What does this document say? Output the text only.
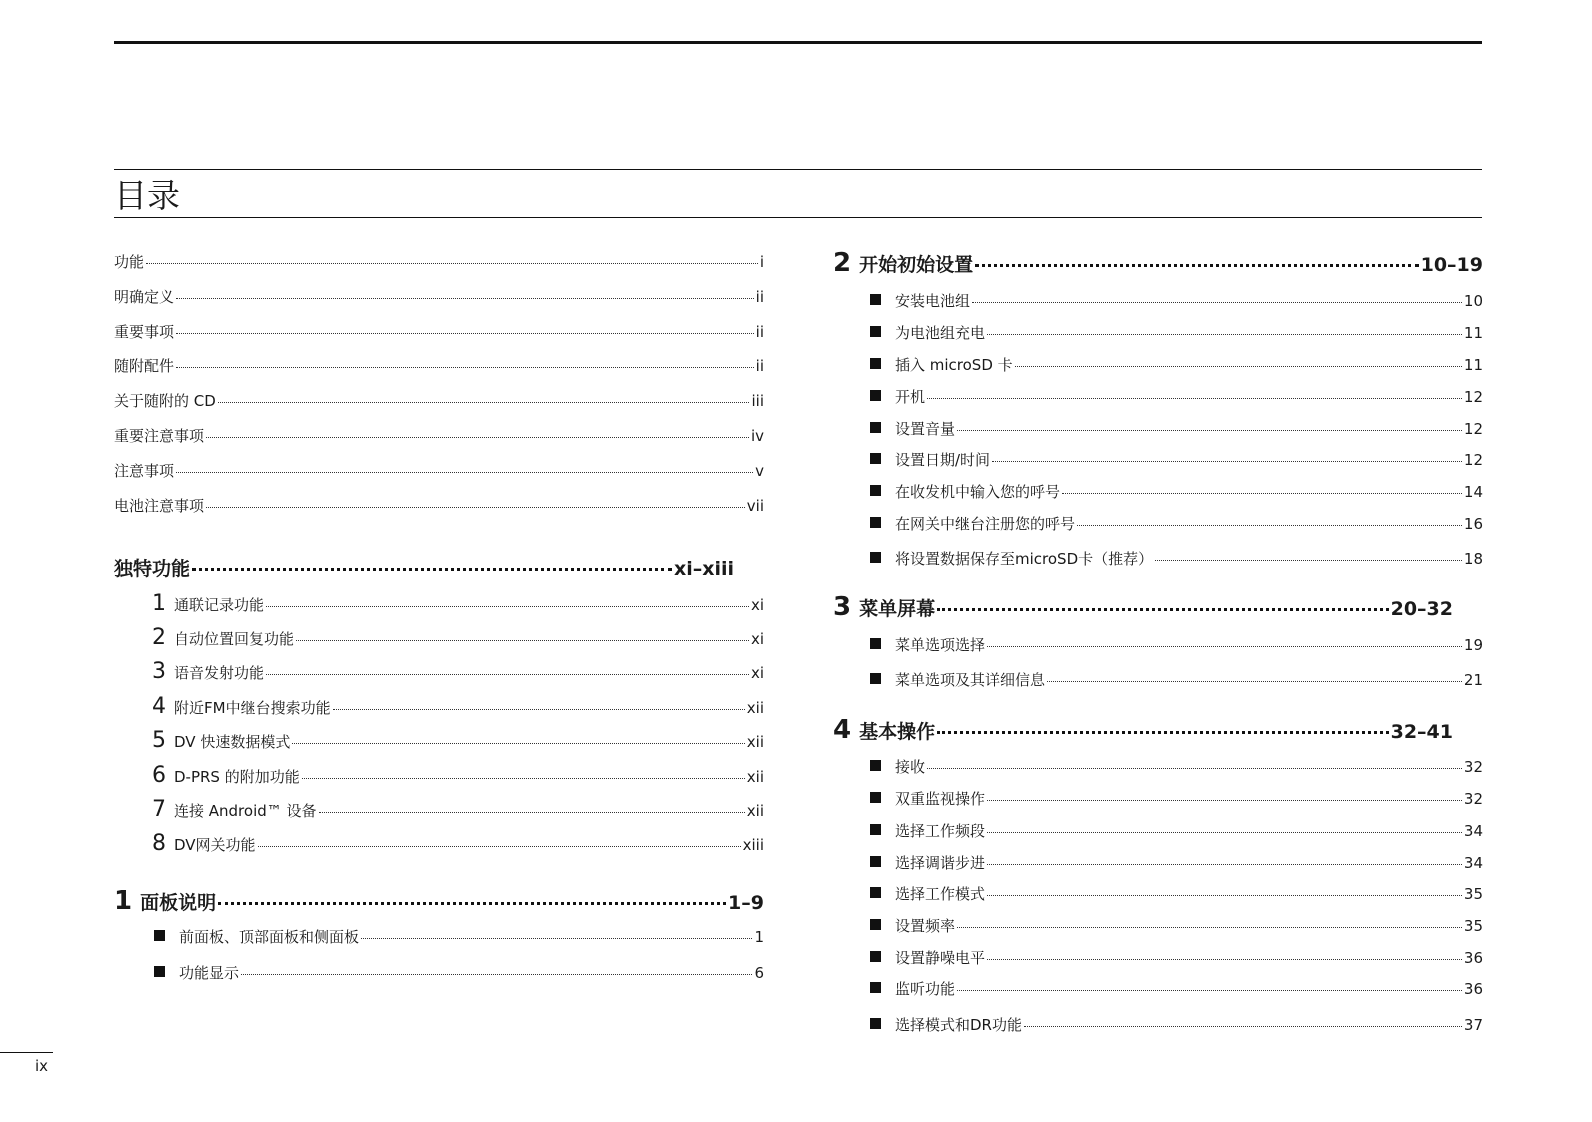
目录
功能	i
明确定义	ii
重要事项	ii
随附配件	ii
关于随附的 CD	iii
重要注意事项	iv
注意事项	v
电池注意事项	vii
独特功能	xi–xiii
1 通联记录功能	xi
2 自动位置回复功能	xi
3 语音发射功能	xi
4 附近FM中继台搜索功能	xii
5 DV 快速数据模式	xii
6 D-PRS 的附加功能	xii
7 连接 Android™ 设备	xii
8 DV网关功能	xiii
1 面板说明	1–9
前面板、顶部面板和侧面板	1
功能显示	6
2 开始初始设置	10–19
安装电池组	10
为电池组充电	11
插入 microSD 卡	11
开机	12
设置音量	12
设置日期/时间	12
在收发机中输入您的呼号	14
在网关中继台注册您的呼号	16
将设置数据保存至microSD卡（推荐）	18
3 菜单屏幕	20–32
菜单选项选择	19
菜单选项及其详细信息	21
4 基本操作	32–41
接收	32
双重监视操作	32
选择工作频段	34
选择调谐步进	34
选择工作模式	35
设置频率	35
设置静噪电平	36
监听功能	36
选择模式和DR功能	37
ix
